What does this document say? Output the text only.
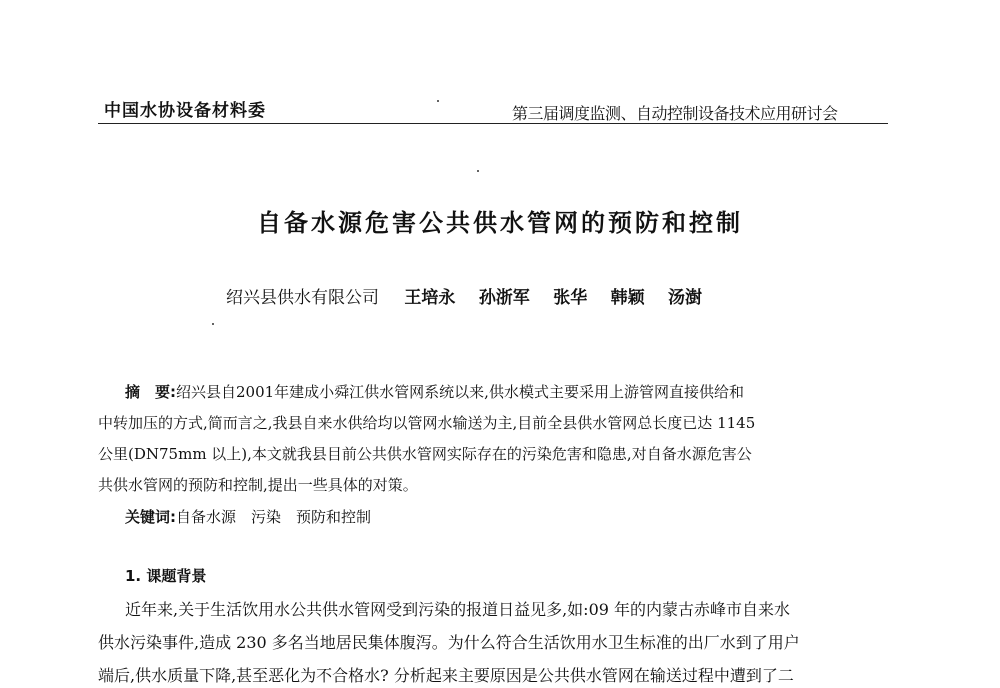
中国水协设备材料委	第三届调度监测、自动控制设备技术应用研讨会
自备水源危害公共供水管网的预防和控制
绍兴县供水有限公司 王培永 孙浙军 张华 韩颖 汤澍
摘　要:绍兴县自2001年建成小舜江供水管网系统以来,供水模式主要采用上游管网直接供给和
中转加压的方式,简而言之,我县自来水供给均以管网水输送为主,目前全县供水管网总长度已达 1145
公里(DN75mm 以上),本文就我县目前公共供水管网实际存在的污染危害和隐患,对自备水源危害公
共供水管网的预防和控制,提出一些具体的对策。
关键词:自备水源　污染　预防和控制
1. 课题背景
近年来,关于生活饮用水公共供水管网受到污染的报道日益见多,如:09 年的内蒙古赤峰市自来水
供水污染事件,造成 230 多名当地居民集体腹泻。为什么符合生活饮用水卫生标准的出厂水到了用户
端后,供水质量下降,甚至恶化为不合格水? 分析起来主要原因是公共供水管网在输送过程中遭到了二
